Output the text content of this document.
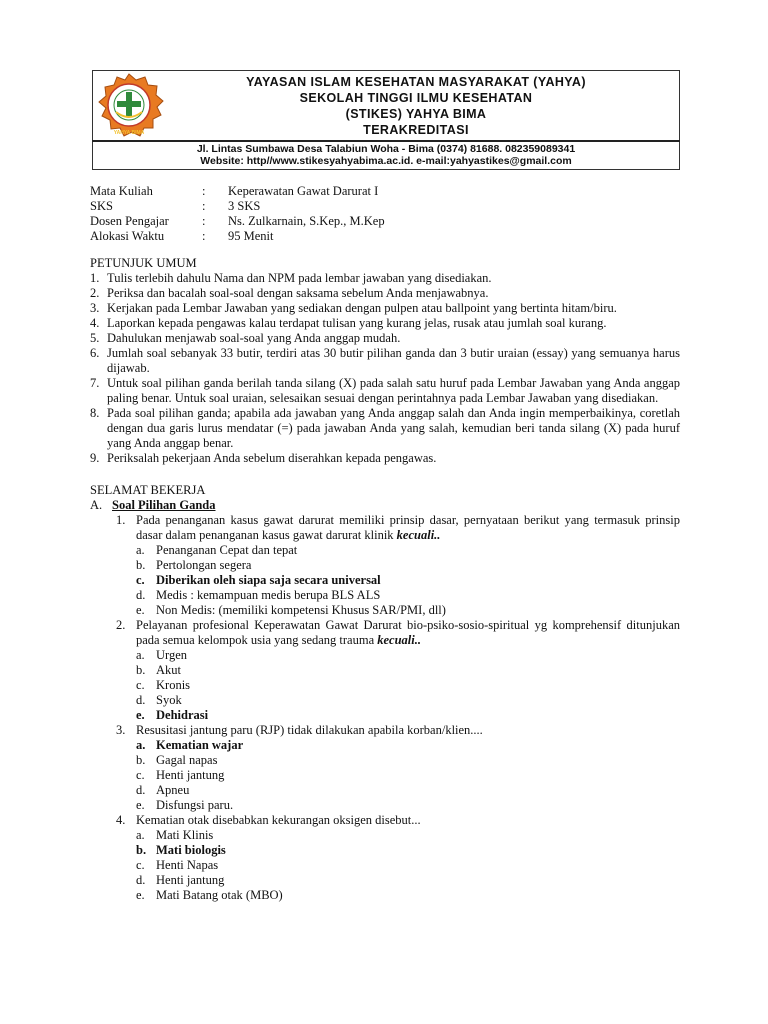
YAHYA BIMA
YAYASAN ISLAM KESEHATAN MASYARAKAT (YAHYA)
SEKOLAH TINGGI ILMU KESEHATAN
(STIKES) YAHYA BIMA
TERAKREDITASI
Jl. Lintas Sumbawa Desa Talabiun Woha - Bima (0374) 81688. 082359089341
Website: http//www.stikesyahyabima.ac.id. e-mail:yahyastikes@gmail.com
Mata Kuliah	:	Keperawatan Gawat Darurat I
SKS	:	3 SKS
Dosen Pengajar	:	Ns. Zulkarnain, S.Kep., M.Kep
Alokasi Waktu	:	95 Menit
PETUNJUK UMUM
1. Tulis terlebih dahulu Nama dan NPM pada lembar jawaban yang disediakan.
2. Periksa dan bacalah soal-soal dengan saksama sebelum Anda menjawabnya.
3. Kerjakan pada Lembar Jawaban yang sediakan dengan pulpen atau ballpoint yang bertinta hitam/biru.
4. Laporkan kepada pengawas kalau terdapat tulisan yang kurang jelas, rusak atau jumlah soal kurang.
5. Dahulukan menjawab soal-soal yang Anda anggap mudah.
6. Jumlah soal sebanyak 33 butir, terdiri atas 30 butir pilihan ganda dan 3 butir uraian (essay) yang semuanya harus dijawab.
7. Untuk soal pilihan ganda berilah tanda silang (X) pada salah satu huruf pada Lembar Jawaban yang Anda anggap paling benar. Untuk soal uraian, selesaikan sesuai dengan perintahnya pada Lembar Jawaban yang disediakan.
8. Pada soal pilihan ganda; apabila ada jawaban yang Anda anggap salah dan Anda ingin memperbaikinya, coretlah dengan dua garis lurus mendatar (=) pada jawaban Anda yang salah, kemudian beri tanda silang (X) pada huruf yang Anda anggap benar.
9. Periksalah pekerjaan Anda sebelum diserahkan kepada pengawas.
SELAMAT BEKERJA
A. Soal Pilihan Ganda
1. Pada penanganan kasus gawat darurat memiliki prinsip dasar, pernyataan berikut yang termasuk prinsip dasar dalam penanganan kasus gawat darurat klinik kecuali..
a. Penanganan Cepat dan tepat
b. Pertolongan segera
c. Diberikan oleh siapa saja secara universal
d. Medis : kemampuan medis berupa BLS ALS
e. Non Medis: (memiliki kompetensi Khusus SAR/PMI, dll)
2. Pelayanan profesional Keperawatan Gawat Darurat bio-psiko-sosio-spiritual yg komprehensif ditunjukan pada semua kelompok usia yang sedang trauma kecuali..
a. Urgen
b. Akut
c. Kronis
d. Syok
e. Dehidrasi
3. Resusitasi jantung paru (RJP) tidak dilakukan apabila korban/klien....
a. Kematian wajar
b. Gagal napas
c. Henti jantung
d. Apneu
e. Disfungsi paru.
4. Kematian otak disebabkan kekurangan oksigen disebut...
a. Mati Klinis
b. Mati biologis
c. Henti Napas
d. Henti jantung
e. Mati Batang otak (MBO)
